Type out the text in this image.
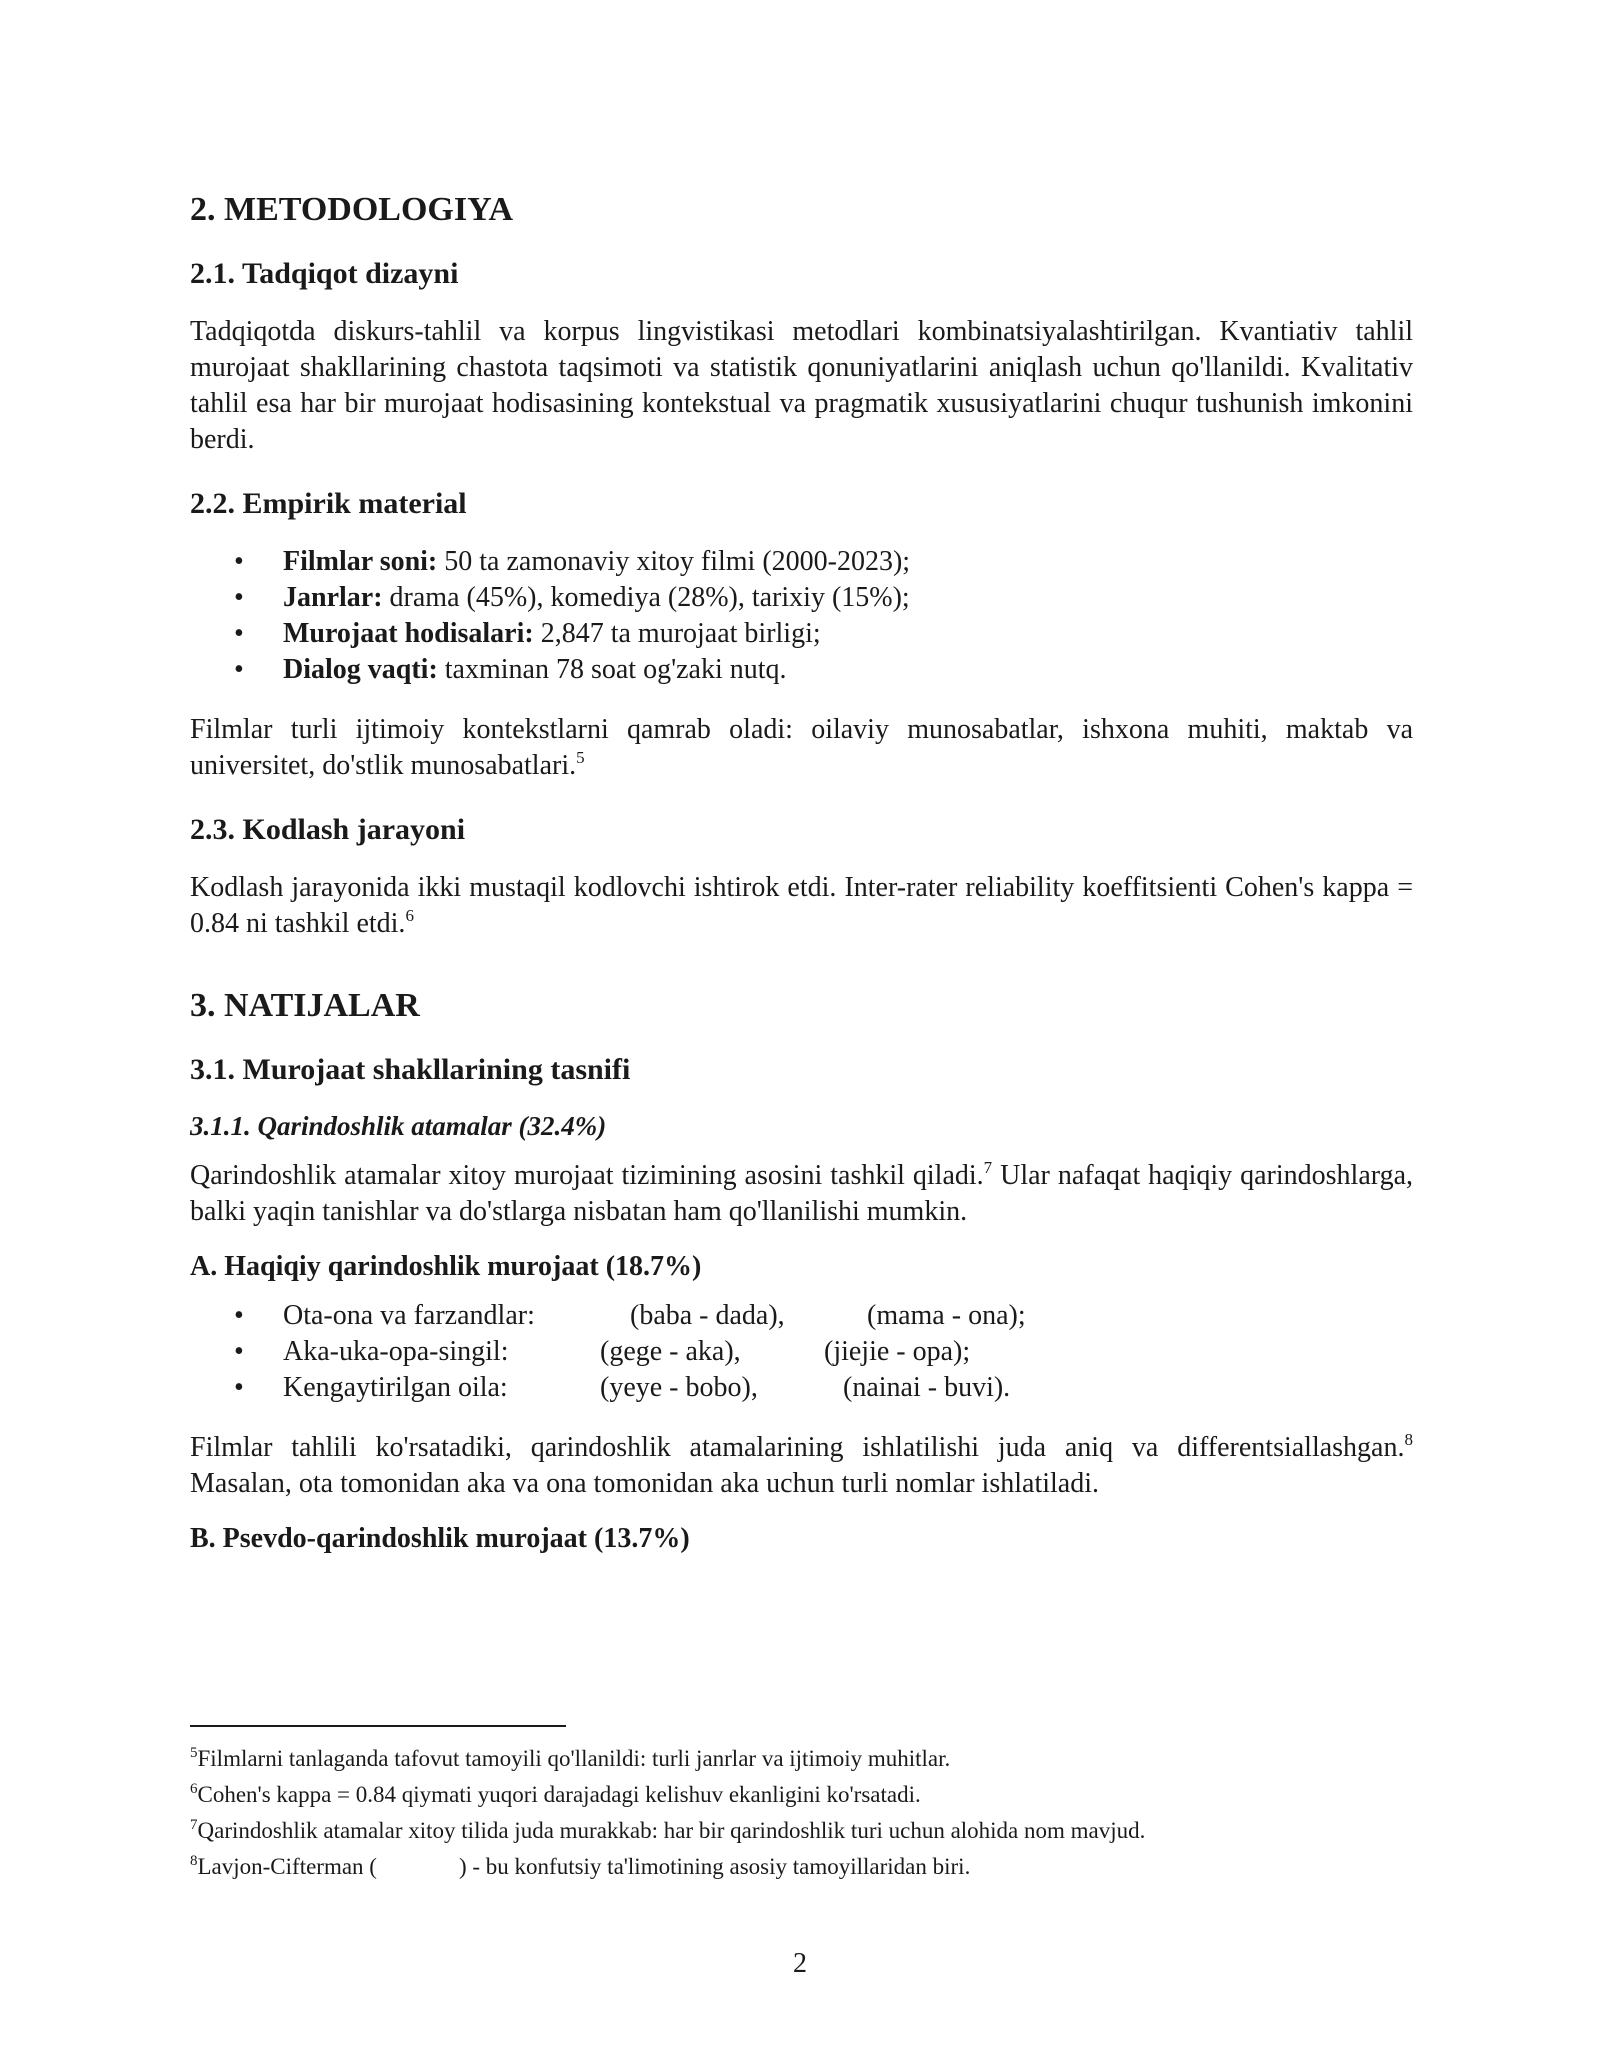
2. METODOLOGIYA
2.1. Tadqiqot dizayni

Tadqiqotda diskurs-tahlil va korpus lingvistikasi metodlari kombinatsiyalashtirilgan. Kvantiativ tahlil murojaat shakllarining chastota taqsimoti va statistik qonuniyatlarini aniqlash uchun qo'llanildi. Kvalitativ tahlil esa har bir murojaat hodisasining kontekstual va pragmatik xususiyatlarini chuqur tushunish imkonini berdi.

2.2. Empirik material
• Filmlar soni: 50 ta zamonaviy xitoy filmi (2000-2023);
• Janrlar: drama (45%), komediya (28%), tarixiy (15%);
• Murojaat hodisalari: 2,847 ta murojaat birligi;
• Dialog vaqti: taxminan 78 soat og'zaki nutq.

Filmlar turli ijtimoiy kontekstlarni qamrab oladi: oilaviy munosabatlar, ishxona muhiti, maktab va universitet, do'stlik munosabatlari.$^5$

2.3. Kodlash jarayoni

Kodlash jarayonida ikki mustaqil kodlovchi ishtirok etdi. Inter-rater reliability koeffitsienti Cohen's kappa = 0.84 ni tashkil etdi.$^6$

3. NATIJALAR
3.1. Murojaat shakllarining tasnifi
3.1.1. Qarindoshlik atamalar (32.4%)

Qarindoshlik atamalar xitoy murojaat tizimining asosini tashkil qiladi.$^7$ Ular nafaqat haqiqiy qarindoshlarga, balki yaqin tanishlar va do'stlarga nisbatan ham qo'llanilishi mumkin.

A. Haqiqiy qarindoshlik murojaat (18.7%)
• Ota-ona va farzandlar:	(baba - dada),	(mama - ona);
• Aka-uka-opa-singil:	(gege - aka),	(jiejie - opa);
• Kengaytirilgan oila:	(yeye - bobo),	(nainai - buvi).

Filmlar tahlili ko'rsatadiki, qarindoshlik atamalarining ishlatilishi juda aniq va differentsiallashgan.$^8$ Masalan, ota tomonidan aka va ona tomonidan aka uchun turli nomlar ishlatiladi.

B. Psevdo-qarindoshlik murojaat (13.7%)

$^5$Filmlarni tanlaganda tafovut tamoyili qo'llanildi: turli janrlar va ijtimoiy muhitlar.

$^6$Cohen's kappa = 0.84 qiymati yuqori darajadagi kelishuv ekanligini ko'rsatadi.

$^7$Qarindoshlik atamalar xitoy tilida juda murakkab: har bir qarindoshlik turi uchun alohida nom mavjud.

$^8$Lavjon-Cifterman (	) - bu konfutsiy ta'limotining asosiy tamoyillaridan biri.

2
